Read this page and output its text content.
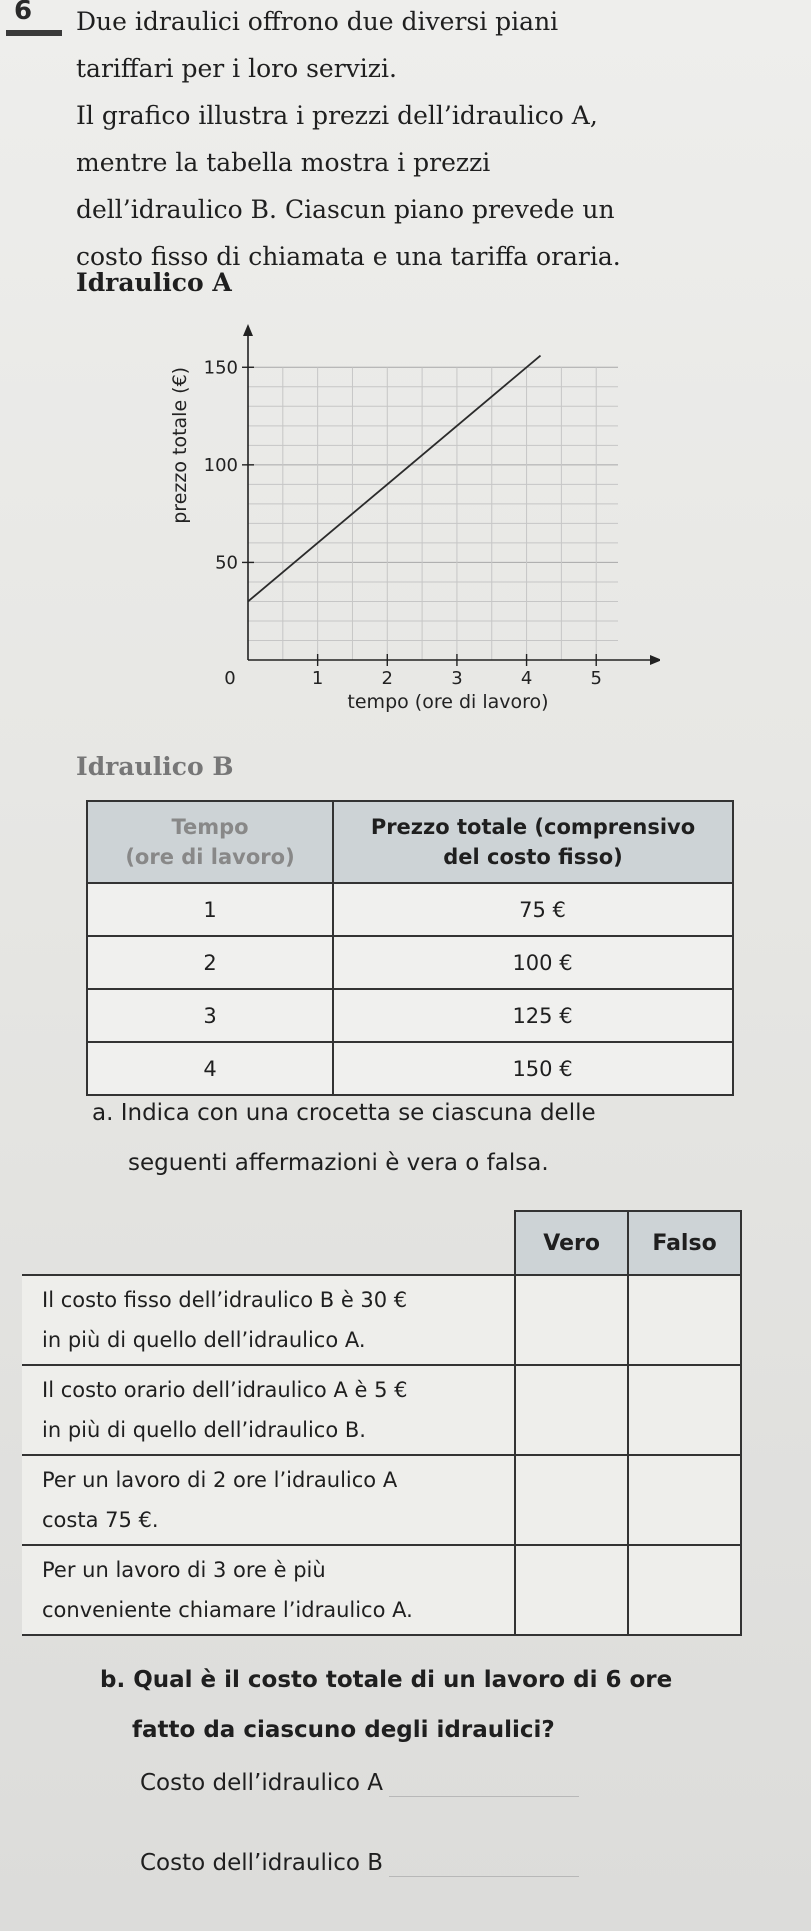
6 Due idraulici offrono due diversi piani
tariffari per i loro servizi.
Il grafico illustra i prezzi dell’idraulico A,
mentre la tabella mostra i prezzi
dell’idraulico B. Ciascun piano prevede un
costo fisso di chiamata e una tariffa oraria.

Idraulico A
0	1	2	3	4	5
50
100
150
tempo (ore di lavoro)
prezzo totale (€)
Idraulico B
Tempo
(ore di lavoro)	Prezzo totale (comprensivo
del costo fisso)
1	75 €
2	100 €
3	125 €
4	150 €

a. Indica con una crocetta se ciascuna delle
seguenti affermazioni è vera o falsa.

	Vero	Falso
Il costo fisso dell’idraulico B è 30 €
in più di quello dell’idraulico A.		
Il costo orario dell’idraulico A è 5 €
in più di quello dell’idraulico B.		
Per un lavoro di 2 ore l’idraulico A
costa 75 €.		
Per un lavoro di 3 ore è più
conveniente chiamare l’idraulico A.		

b. Qual è il costo totale di un lavoro di 6 ore
fatto da ciascuno degli idraulici?

Costo dell’idraulico A

Costo dell’idraulico B
